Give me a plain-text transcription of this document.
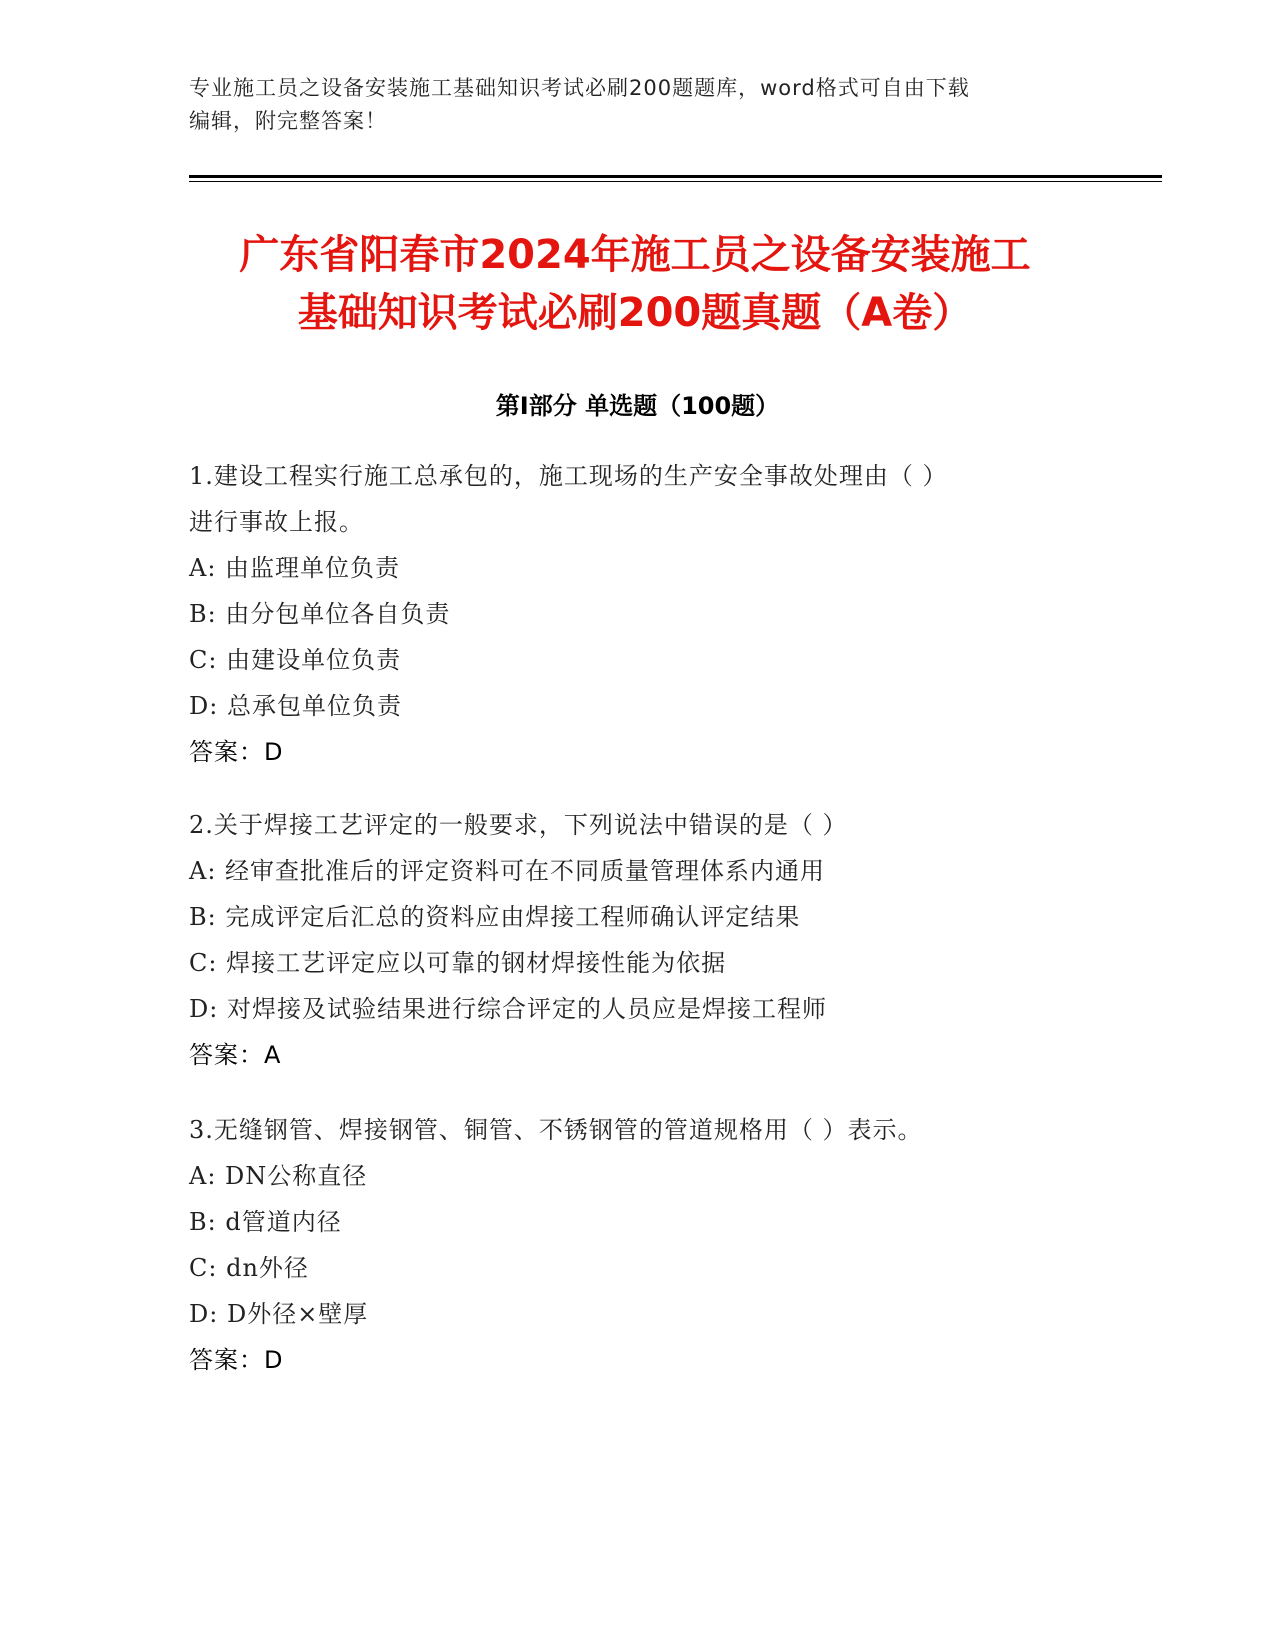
专业施工员之设备安装施工基础知识考试必刷200题题库，word格式可自由下载
编辑，附完整答案！
广东省阳春市2024年施工员之设备安装施工
基础知识考试必刷200题真题（A卷）
第Ⅰ部分 单选题（100题）

1.建设工程实行施工总承包的，施工现场的生产安全事故处理由（ ）

进行事故上报。

A: 由监理单位负责

B: 由分包单位各自负责

C: 由建设单位负责

D: 总承包单位负责

答案：D

2.关于焊接工艺评定的一般要求，下列说法中错误的是（ ）

A: 经审查批准后的评定资料可在不同质量管理体系内通用

B: 完成评定后汇总的资料应由焊接工程师确认评定结果

C: 焊接工艺评定应以可靠的钢材焊接性能为依据

D: 对焊接及试验结果进行综合评定的人员应是焊接工程师

答案：A

3.无缝钢管、焊接钢管、铜管、不锈钢管的管道规格用（ ）表示。

A: DN公称直径

B: d管道内径

C: dn外径

D: D外径×壁厚

答案：D
